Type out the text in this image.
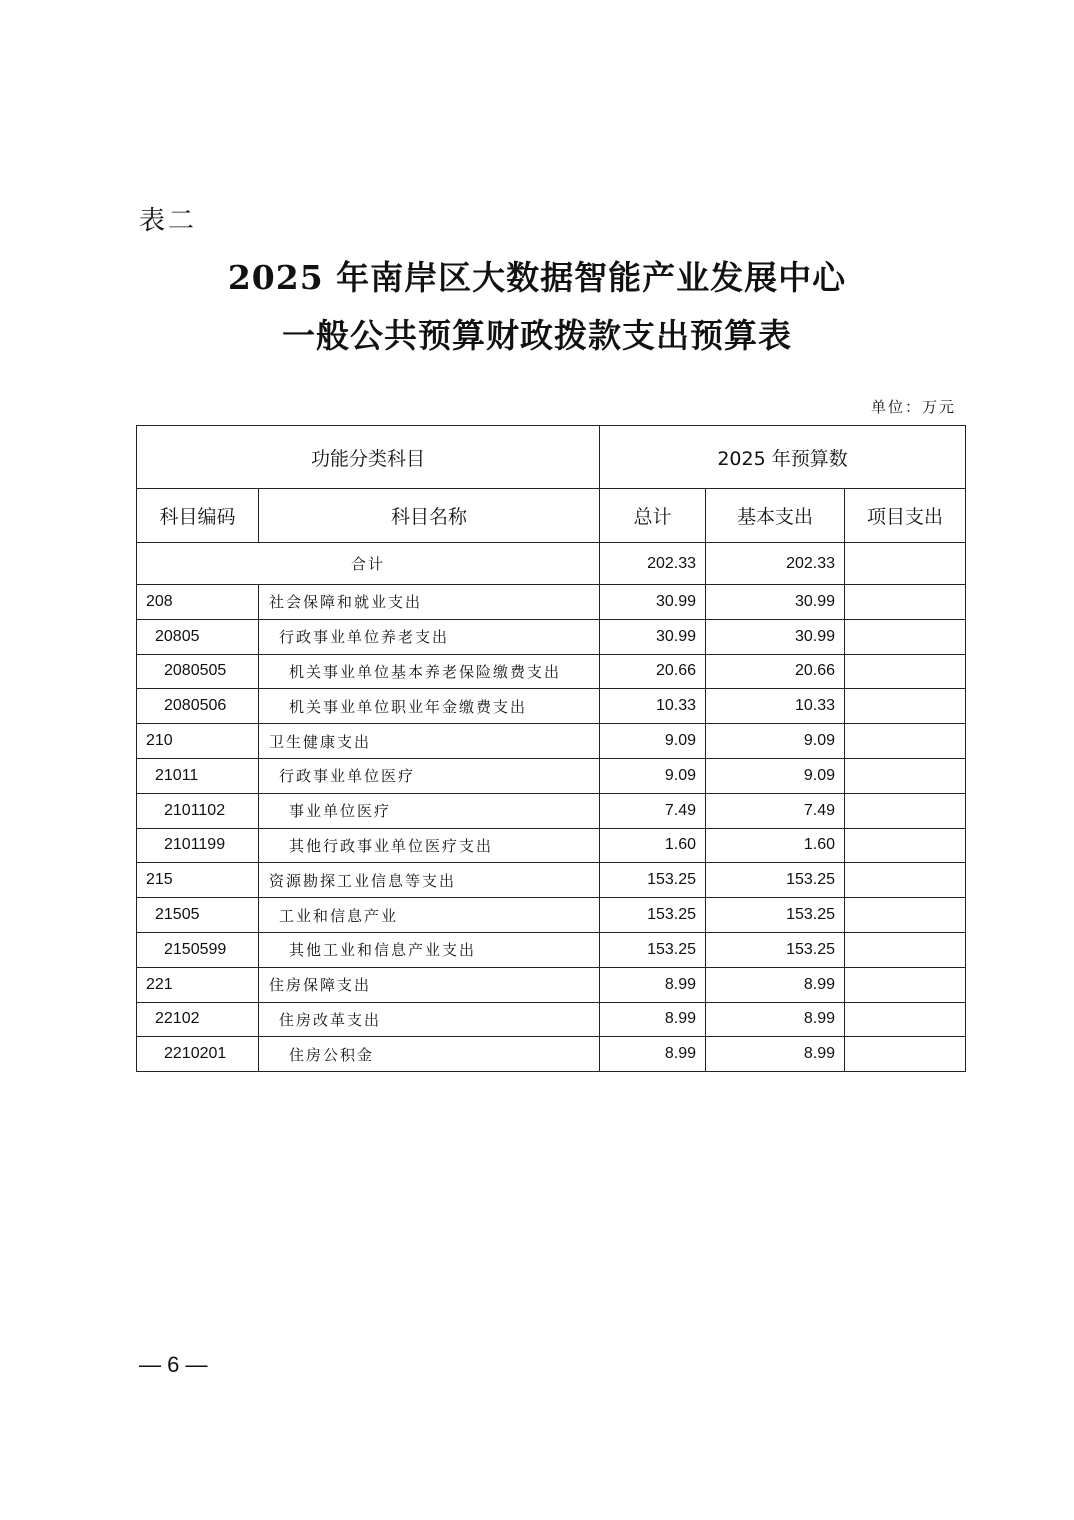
表二
2025 年南岸区大数据智能产业发展中心
一般公共预算财政拨款支出预算表
单位：万元
功能分类科目		2025 年预算数		
科目编码	科目名称	总计	基本支出	项目支出
合计		202.33	202.33	
208	社会保障和就业支出	30.99	30.99	
20805	行政事业单位养老支出	30.99	30.99	
2080505	机关事业单位基本养老保险缴费支出	20.66	20.66	
2080506	机关事业单位职业年金缴费支出	10.33	10.33	
210	卫生健康支出	9.09	9.09	
21011	行政事业单位医疗	9.09	9.09	
2101102	事业单位医疗	7.49	7.49	
2101199	其他行政事业单位医疗支出	1.60	1.60	
215	资源勘探工业信息等支出	153.25	153.25	
21505	工业和信息产业	153.25	153.25	
2150599	其他工业和信息产业支出	153.25	153.25	
221	住房保障支出	8.99	8.99	
22102	住房改革支出	8.99	8.99	
2210201	住房公积金	8.99	8.99	
— 6 —
